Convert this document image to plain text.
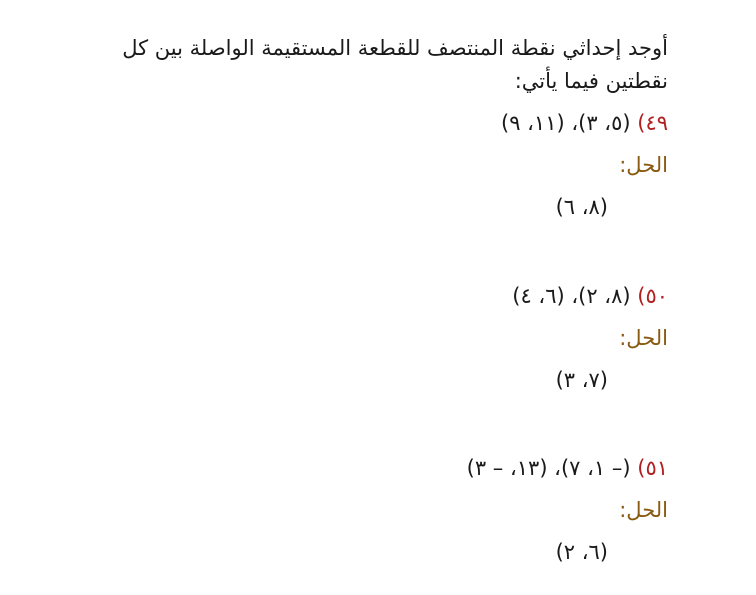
أوجد إحداثي نقطة المنتصف للقطعة المستقيمة الواصلة بين كل نقطتين فيما يأتي:
٤٩) (٥، ٣)، (١١، ٩)
الحل:
(٨، ٦)
٥٠) (٨، ٢)، (٦، ٤)
الحل:
(٧، ٣)
٥١) (– ١، ٧)، (١٣، – ٣)
الحل:
(٦، ٢)
